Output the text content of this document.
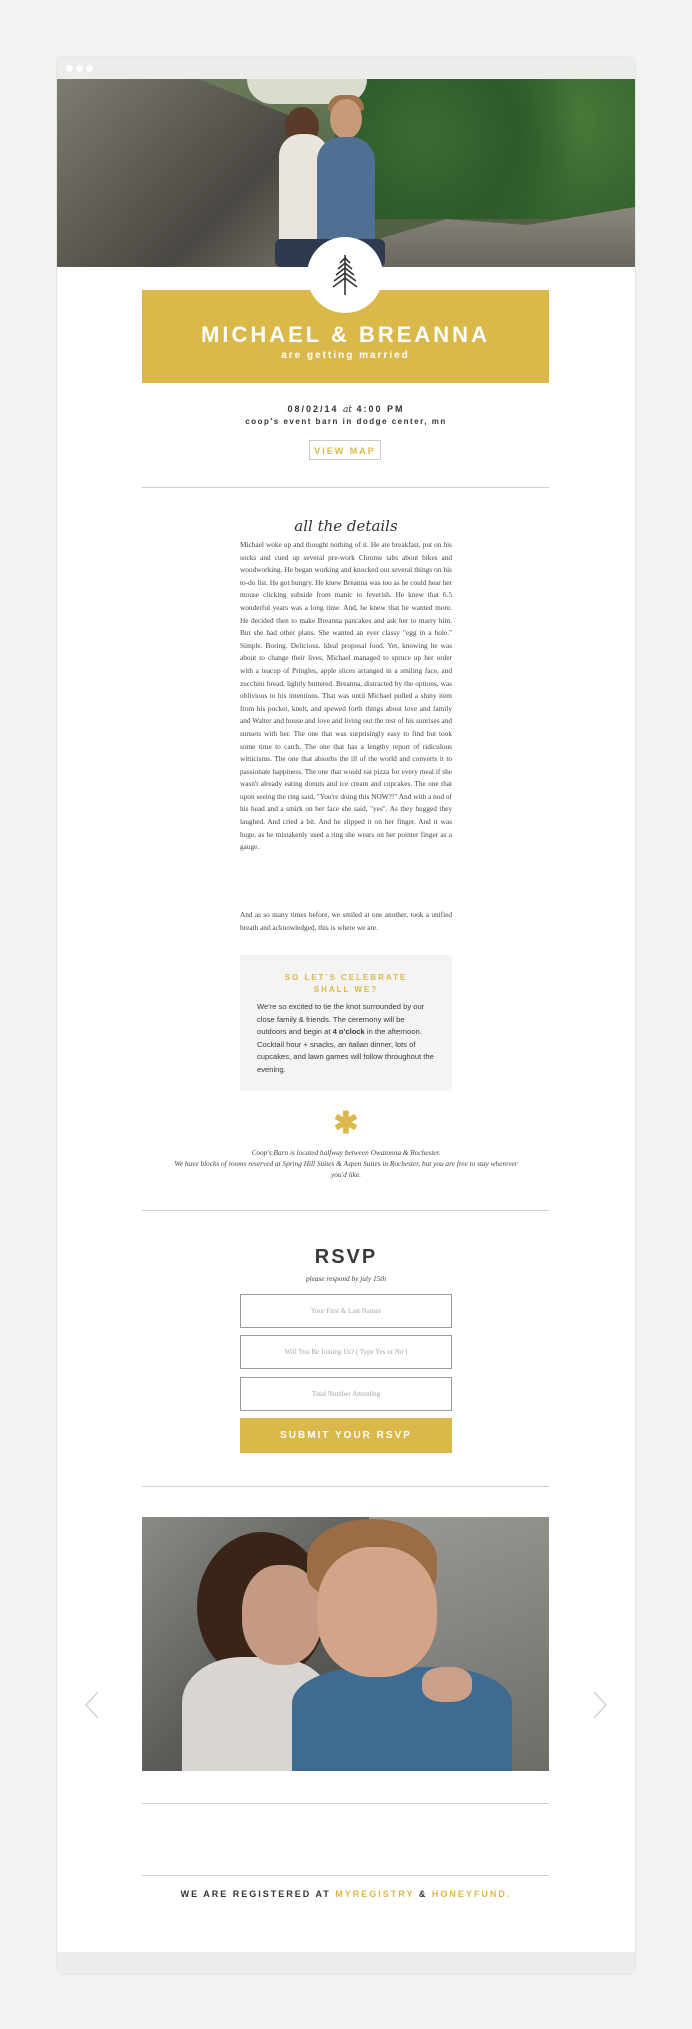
MICHAEL & BREANNA
are getting married
08/02/14 at 4:00 PM
coop's event barn in dodge center, mn
VIEW MAP
all the details

Michael woke up and thought nothing of it. He ate breakfast, put on his socks and cued up several pre-work Chrome tabs about bikes and woodworking. He began working and knocked out several things on his to-do list. He got hungry. He knew Breanna was too as he could hear her mouse clicking subside from manic to feverish. He knew that 6.5 wonderful years was a long time. And, he knew that he wanted more. He decided then to make Breanna pancakes and ask her to marry him. But she had other plans. She wanted an ever classy "egg in a hole." Simple. Boring. Delicious. Ideal proposal food. Yet, knowing he was about to change their lives, Michael managed to spruce up her order with a teacup of Pringles, apple slices arranged in a smiling face, and zucchini bread, lightly buttered. Breanna, distracted by the options, was oblivious to his intentions. That was until Michael pulled a shiny item from his pocket, knelt, and spewed forth things about love and family and Walter and house and love and living out the rest of his sunrises and sunsets with her. The one that was surprisingly easy to find but took some time to catch. The one that has a lengthy report of ridiculous witticisms. The one that absorbs the ill of the world and converts it to passionate happiness. The one that would eat pizza for every meal if she wasn't already eating donuts and ice cream and cupcakes. The one that upon seeing the ring said, "You're doing this NOW?!" And with a nod of his head and a smirk on her face she said, "yes". As they hugged they laughed. And cried a bit. And he slipped it on her finger. And it was huge, as he mistakenly used a ring she wears on her pointer finger as a gauge.

And as so many times before, we smiled at one another, took a unified breath and acknowledged, this is where we are.

SO LET'S CELEBRATE
SHALL WE?
We're so excited to tie the knot surrounded by our close family & friends. The ceremony will be outdoors and begin at 4 o'clock in the afternoon. Cocktail hour + snacks, an italian dinner, lots of cupcakes, and lawn games will follow throughout the evening.
✱
Coop's Barn is located halfway between Owatonna & Rochester.
We have blocks of rooms reserved at Spring Hill Suites & Aspen Suites in Rochester, but you are free to stay wherever you'd like.
RSVP
please respond by july 15th
Your First & Last Names
Will You Be Joining Us? ( Type Yes or No )
Total Number Attending
SUBMIT YOUR RSVP
WE ARE REGISTERED AT MYREGISTRY & HONEYFUND.
